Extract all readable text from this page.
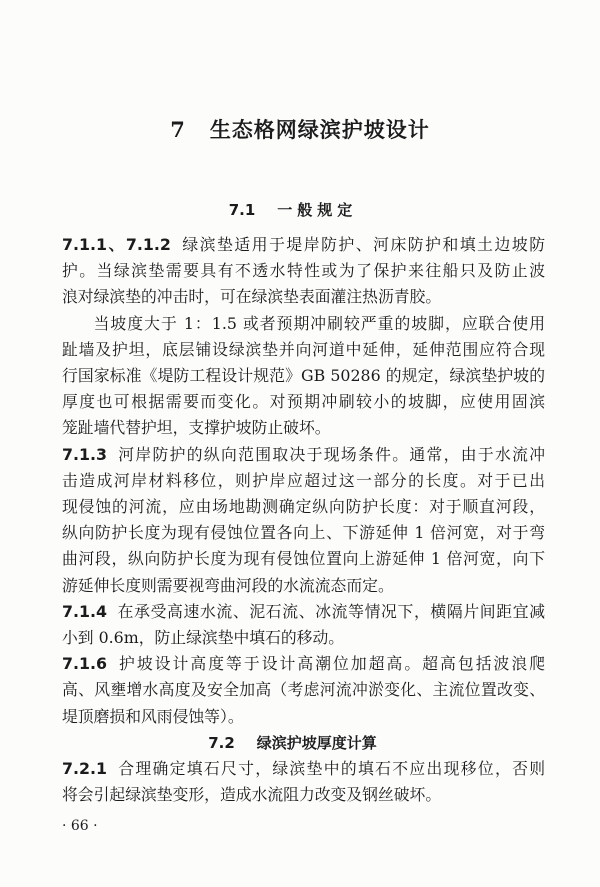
7 生态格网绿滨护坡设计
7.1 一般规定
7.1.1、7.1.2 绿滨垫适用于堤岸防护、河床防护和填土边坡防
护。当绿滨垫需要具有不透水特性或为了保护来往船只及防止波
浪对绿滨垫的冲击时，可在绿滨垫表面灌注热沥青胶。
当坡度大于 1：1.5 或者预期冲刷较严重的坡脚，应联合使用
趾墙及护坦，底层铺设绿滨垫并向河道中延伸，延伸范围应符合现
行国家标准《堤防工程设计规范》GB 50286 的规定，绿滨垫护坡的
厚度也可根据需要而变化。对预期冲刷较小的坡脚，应使用固滨
笼趾墙代替护坦，支撑护坡防止破坏。
7.1.3 河岸防护的纵向范围取决于现场条件。通常，由于水流冲
击造成河岸材料移位，则护岸应超过这一部分的长度。对于已出
现侵蚀的河流，应由场地勘测确定纵向防护长度：对于顺直河段，
纵向防护长度为现有侵蚀位置各向上、下游延伸 1 倍河宽，对于弯
曲河段，纵向防护长度为现有侵蚀位置向上游延伸 1 倍河宽，向下
游延伸长度则需要视弯曲河段的水流流态而定。
7.1.4 在承受高速水流、泥石流、冰流等情况下，横隔片间距宜减
小到 0.6m，防止绿滨垫中填石的移动。
7.1.6 护坡设计高度等于设计高潮位加超高。超高包括波浪爬
高、风壅增水高度及安全加高（考虑河流冲淤变化、主流位置改变、
堤顶磨损和风雨侵蚀等）。
7.2 绿滨护坡厚度计算
7.2.1 合理确定填石尺寸，绿滨垫中的填石不应出现移位，否则
将会引起绿滨垫变形，造成水流阻力改变及钢丝破坏。
· 66 ·
